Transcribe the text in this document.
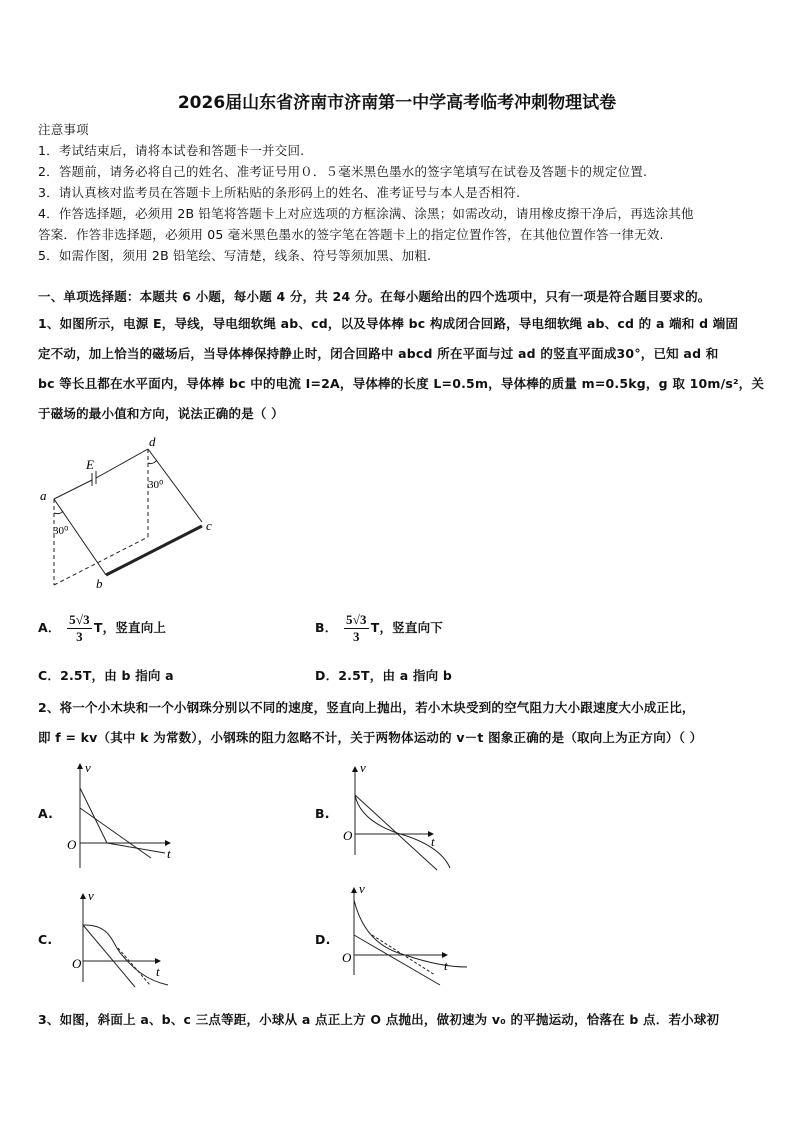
2026届山东省济南市济南第一中学高考临考冲刺物理试卷
注意事项
1．考试结束后，请将本试卷和答题卡一并交回.
2．答题前，请务必将自己的姓名、准考证号用０．５毫米黑色墨水的签字笔填写在试卷及答题卡的规定位置.
3．请认真核对监考员在答题卡上所粘贴的条形码上的姓名、准考证号与本人是否相符.
4．作答选择题，必须用 2B 铅笔将答题卡上对应选项的方框涂满、涂黑；如需改动，请用橡皮擦干净后，再选涂其他
答案．作答非选择题，必须用 05 毫米黑色墨水的签字笔在答题卡上的指定位置作答，在其他位置作答一律无效.
5．如需作图，须用 2B 铅笔绘、写清楚，线条、符号等须加黑、加粗.
一、单项选择题：本题共 6 小题，每小题 4 分，共 24 分。在每小题给出的四个选项中，只有一项是符合题目要求的。
1、如图所示，电源 E，导线，导电细软绳 ab、cd，以及导体棒 bc 构成闭合回路，导电细软绳 ab、cd 的 a 端和 d 端固
定不动，加上恰当的磁场后，当导体棒保持静止时，闭合回路中 abcd 所在平面与过 ad 的竖直平面成30°，已知 ad 和
bc 等长且都在水平面内，导体棒 bc 中的电流 I=2A，导体棒的长度 L=0.5m，导体棒的质量 m=0.5kg，g 取 10m/s²，关
于磁场的最小值和方向，说法正确的是（ ）
A． $\frac{5√3}{3}$ T，竖直向上	B． $\frac{5√3}{3}$ T，竖直向下
C．2.5T，由 b 指向 a	D．2.5T，由 a 指向 b
2、将一个小木块和一个小钢珠分别以不同的速度，竖直向上抛出，若小木块受到的空气阻力大小跟速度大小成正比，
即 f = kv（其中 k 为常数），小钢珠的阻力忽略不计，关于两物体运动的 v－t 图象正确的是（取向上为正方向）（ ）
A.	B.
C.	D.
3、如图，斜面上 a、b、c 三点等距，小球从 a 点正上方 O 点抛出，做初速为 v₀ 的平抛运动，恰落在 b 点．若小球初
a
b
c
d
E
30⁰
30⁰
v
t
O
v
t
O
v
t
O
v
t
O
